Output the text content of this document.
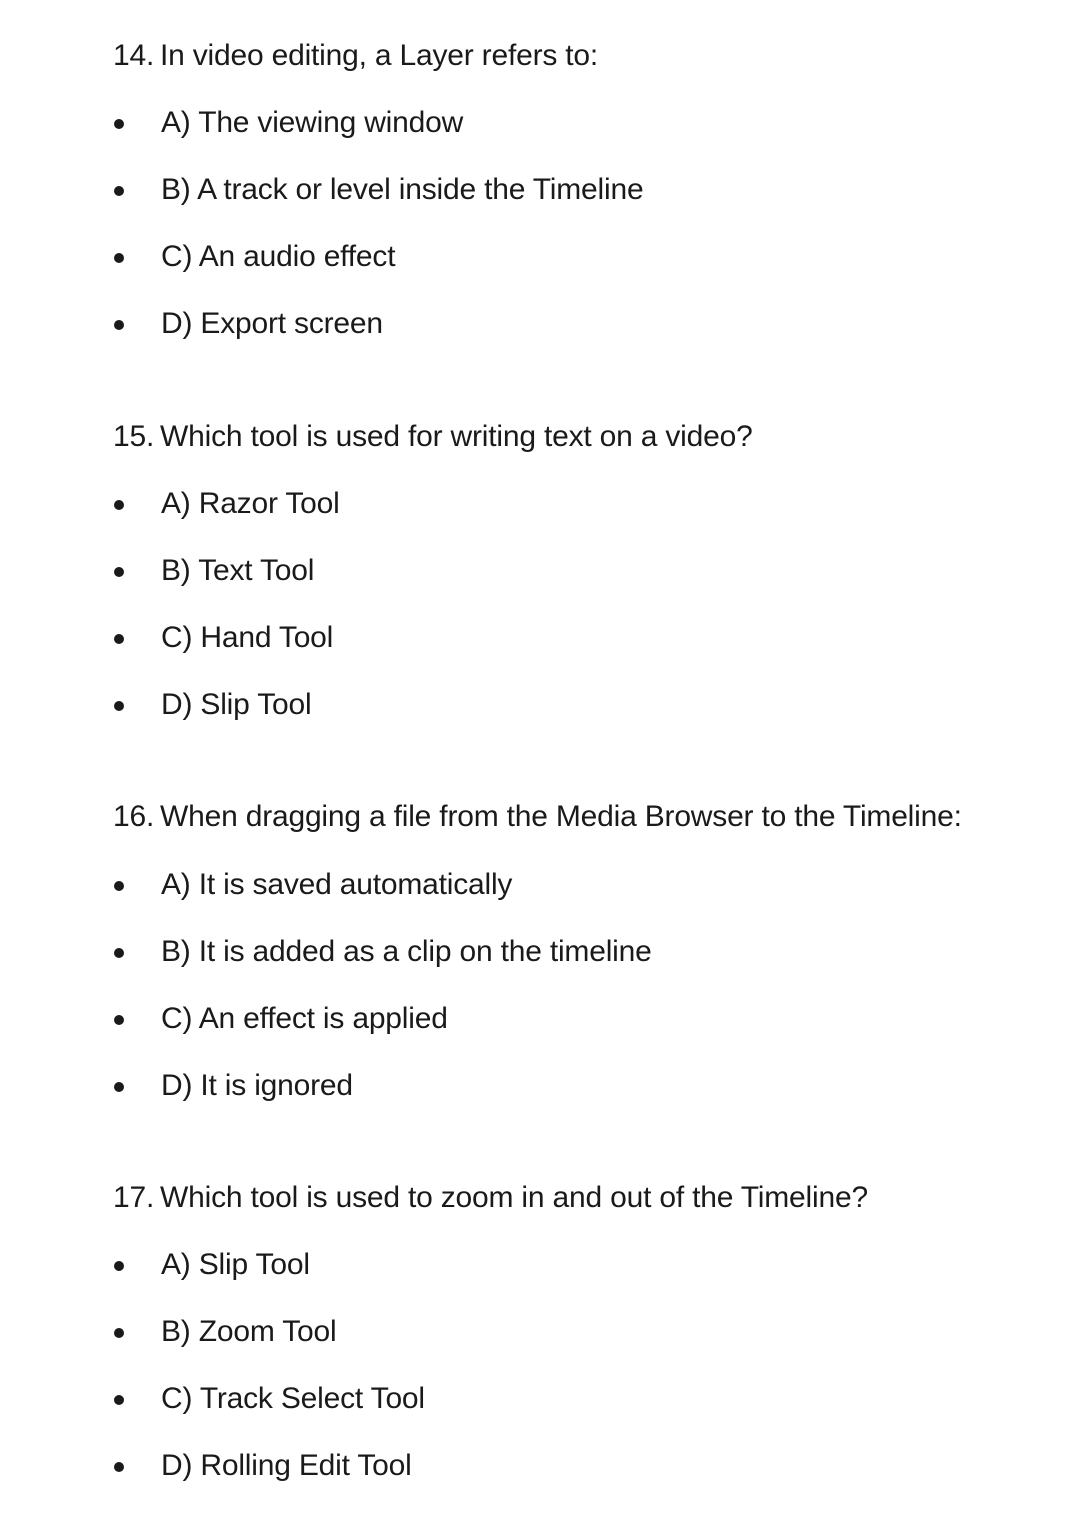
14. In video editing, a Layer refers to:
A) The viewing window
B) A track or level inside the Timeline
C) An audio effect
D) Export screen
15. Which tool is used for writing text on a video?
A) Razor Tool
B) Text Tool
C) Hand Tool
D) Slip Tool
16. When dragging a file from the Media Browser to the Timeline:
A) It is saved automatically
B) It is added as a clip on the timeline
C) An effect is applied
D) It is ignored
17. Which tool is used to zoom in and out of the Timeline?
A) Slip Tool
B) Zoom Tool
C) Track Select Tool
D) Rolling Edit Tool
